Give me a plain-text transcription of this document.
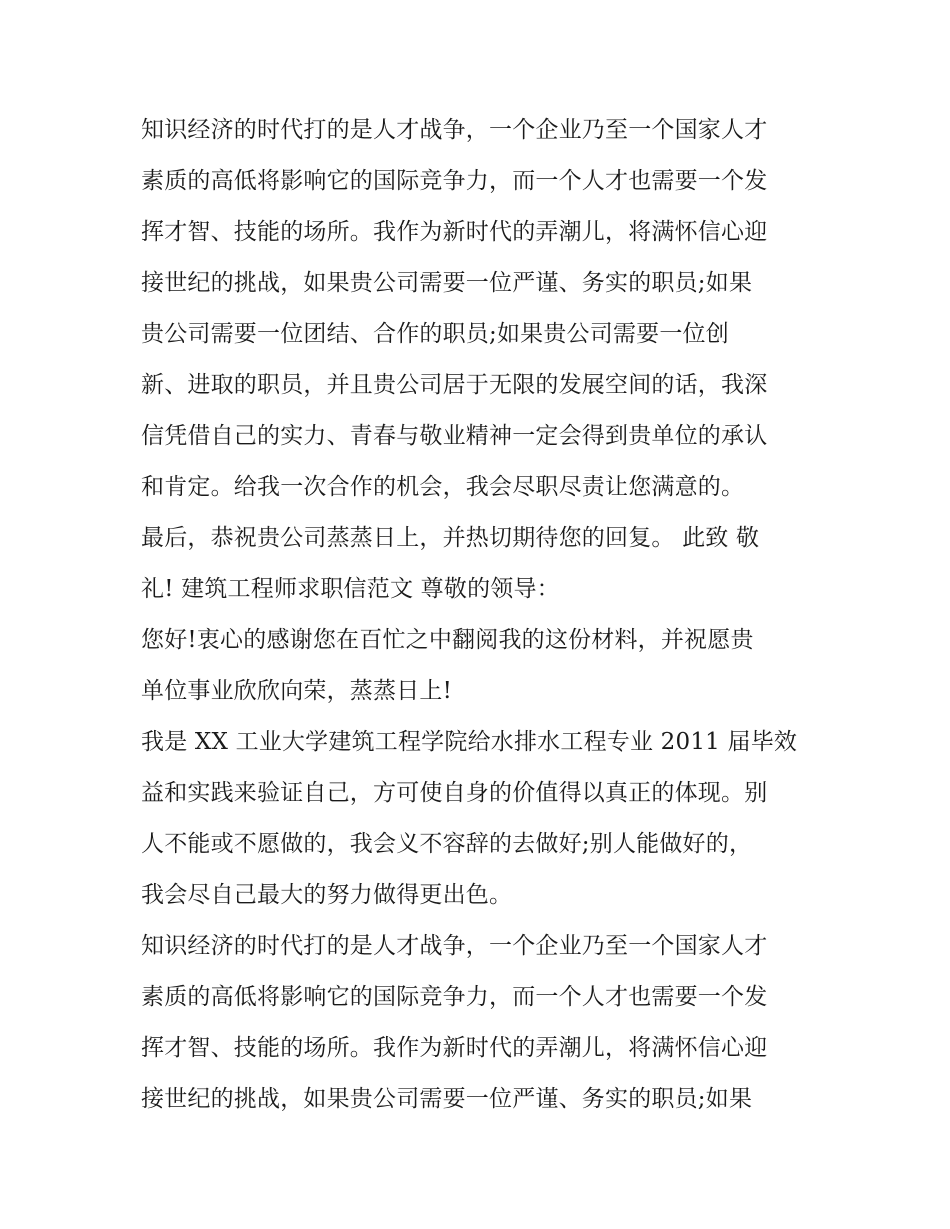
知识经济的时代打的是人才战争，一个企业乃至一个国家人才
素质的高低将影响它的国际竞争力，而一个人才也需要一个发
挥才智、技能的场所。我作为新时代的弄潮儿，将满怀信心迎
接世纪的挑战，如果贵公司需要一位严谨、务实的职员;如果
贵公司需要一位团结、合作的职员;如果贵公司需要一位创
新、进取的职员，并且贵公司居于无限的发展空间的话，我深
信凭借自己的实力、青春与敬业精神一定会得到贵单位的承认
和肯定。给我一次合作的机会，我会尽职尽责让您满意的。
最后，恭祝贵公司蒸蒸日上，并热切期待您的回复。 此致 敬
礼! 建筑工程师求职信范文 尊敬的领导：
您好!衷心的感谢您在百忙之中翻阅我的这份材料，并祝愿贵
单位事业欣欣向荣，蒸蒸日上!
我是 XX 工业大学建筑工程学院给水排水工程专业 2011 届毕效
益和实践来验证自己，方可使自身的价值得以真正的体现。别
人不能或不愿做的，我会义不容辞的去做好;别人能做好的，
我会尽自己最大的努力做得更出色。
知识经济的时代打的是人才战争，一个企业乃至一个国家人才
素质的高低将影响它的国际竞争力，而一个人才也需要一个发
挥才智、技能的场所。我作为新时代的弄潮儿，将满怀信心迎
接世纪的挑战，如果贵公司需要一位严谨、务实的职员;如果
